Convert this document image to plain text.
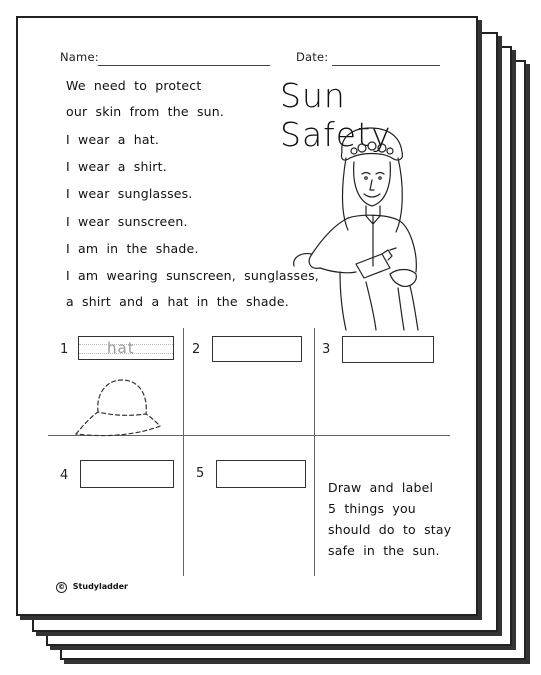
Name:	Date:
Sun Safety
We need to protect
our skin from the sun.
I wear a hat.
I wear a shirt.
I wear sunglasses.
I wear sunscreen.
I am in the shade.
I am wearing sunscreen, sunglasses,
a shirt and a hat in the shade.
1	hat	2	3
4	5
Draw and label
5 things you
should do to stay
safe in the sun.
© Studyladder
